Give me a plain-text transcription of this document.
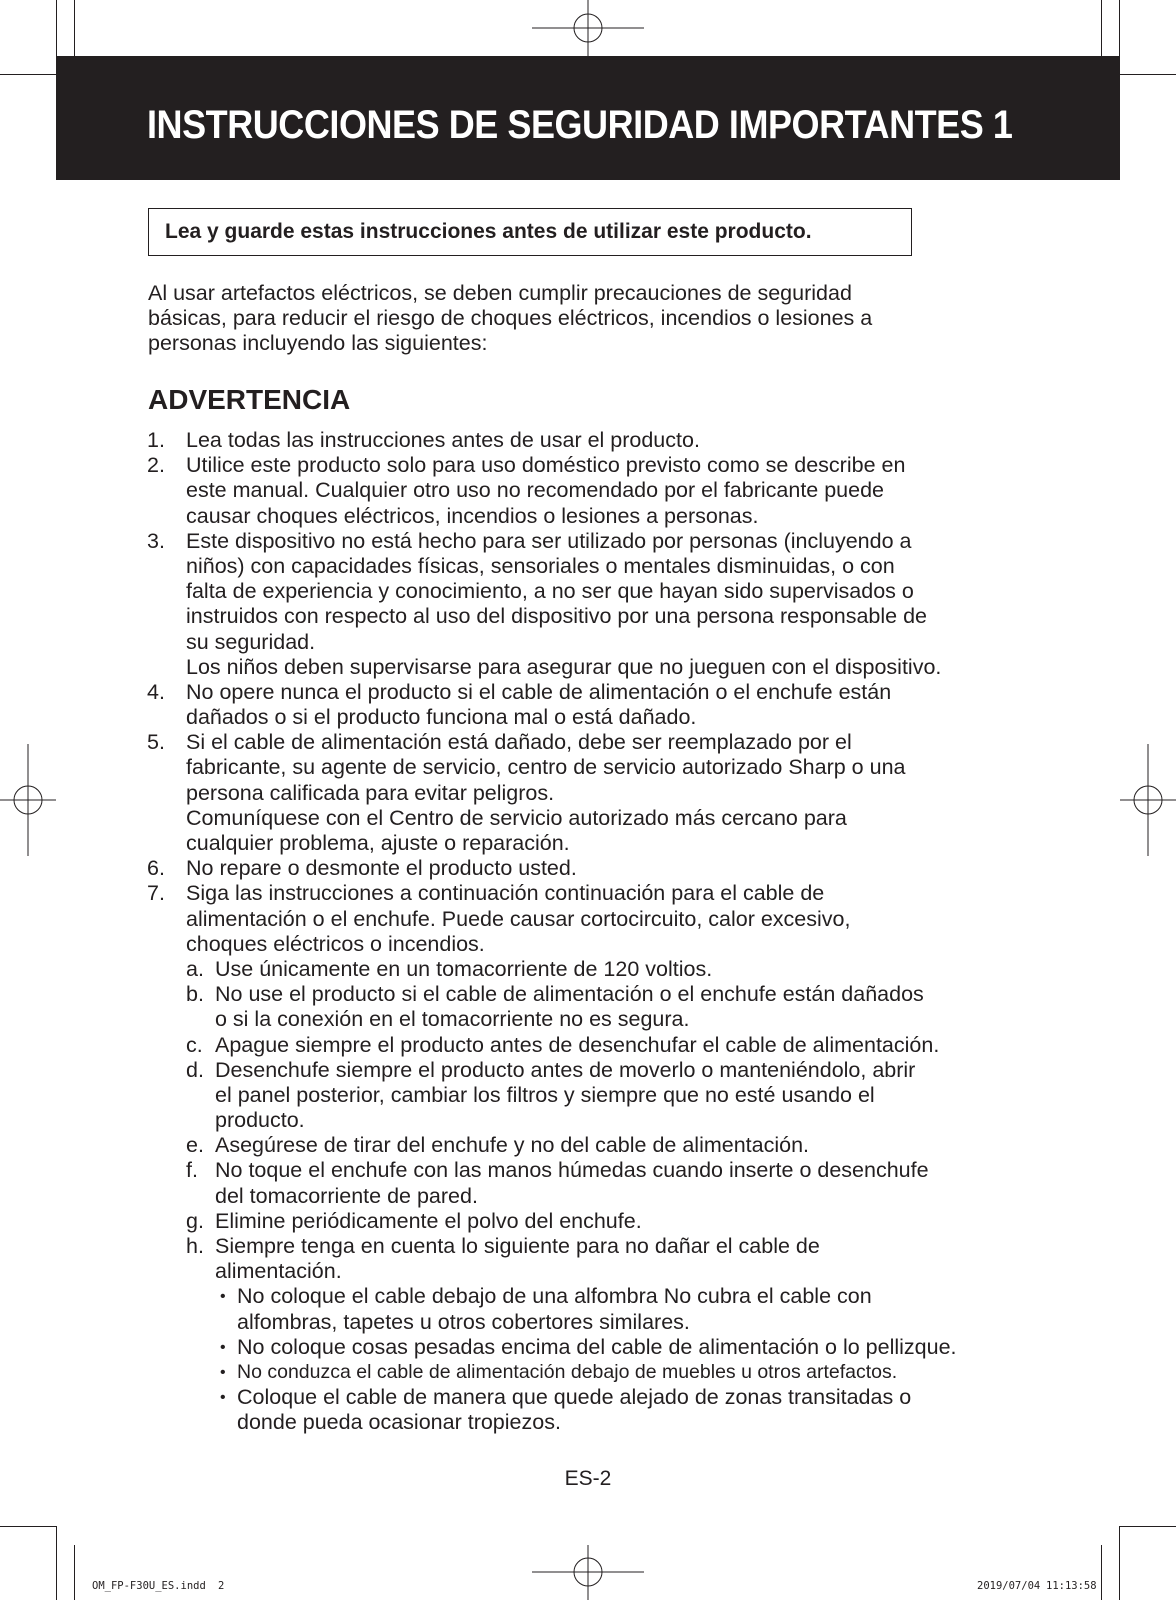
INSTRUCCIONES DE SEGURIDAD IMPORTANTES 1
Lea y guarde estas instrucciones antes de utilizar este producto.
Al usar artefactos eléctricos, se deben cumplir precauciones de seguridad
básicas, para reducir el riesgo de choques eléctricos, incendios o lesiones a
personas incluyendo las siguientes:
ADVERTENCIA
1. Lea todas las instrucciones antes de usar el producto.
2. Utilice este producto solo para uso doméstico previsto como se describe en
este manual. Cualquier otro uso no recomendado por el fabricante puede
causar choques eléctricos, incendios o lesiones a personas.
3. Este dispositivo no está hecho para ser utilizado por personas (incluyendo a
niños) con capacidades físicas, sensoriales o mentales disminuidas, o con
falta de experiencia y conocimiento, a no ser que hayan sido supervisados o
instruidos con respecto al uso del dispositivo por una persona responsable de
su seguridad.
Los niños deben supervisarse para asegurar que no jueguen con el dispositivo.
4. No opere nunca el producto si el cable de alimentación o el enchufe están
dañados o si el producto funciona mal o está dañado.
5. Si el cable de alimentación está dañado, debe ser reemplazado por el
fabricante, su agente de servicio, centro de servicio autorizado Sharp o una
persona calificada para evitar peligros.
Comuníquese con el Centro de servicio autorizado más cercano para
cualquier problema, ajuste o reparación.
6. No repare o desmonte el producto usted.
7. Siga las instrucciones a continuación continuación para el cable de
alimentación o el enchufe. Puede causar cortocircuito, calor excesivo,
choques eléctricos o incendios.
a. Use únicamente en un tomacorriente de 120 voltios.
b. No use el producto si el cable de alimentación o el enchufe están dañados
o si la conexión en el tomacorriente no es segura.
c. Apague siempre el producto antes de desenchufar el cable de alimentación.
d. Desenchufe siempre el producto antes de moverlo o manteniéndolo, abrir
el panel posterior, cambiar los filtros y siempre que no esté usando el
producto.
e. Asegúrese de tirar del enchufe y no del cable de alimentación.
f. No toque el enchufe con las manos húmedas cuando inserte o desenchufe
del tomacorriente de pared.
g. Elimine periódicamente el polvo del enchufe.
h. Siempre tenga en cuenta lo siguiente para no dañar el cable de
alimentación.
• No coloque el cable debajo de una alfombra No cubra el cable con
alfombras, tapetes u otros cobertores similares.
• No coloque cosas pesadas encima del cable de alimentación o lo pellizque.
• No conduzca el cable de alimentación debajo de muebles u otros artefactos.
• Coloque el cable de manera que quede alejado de zonas transitadas o
donde pueda ocasionar tropiezos.
ES-2
OM_FP-F30U_ES.indd 2	2019/07/04 11:13:58
